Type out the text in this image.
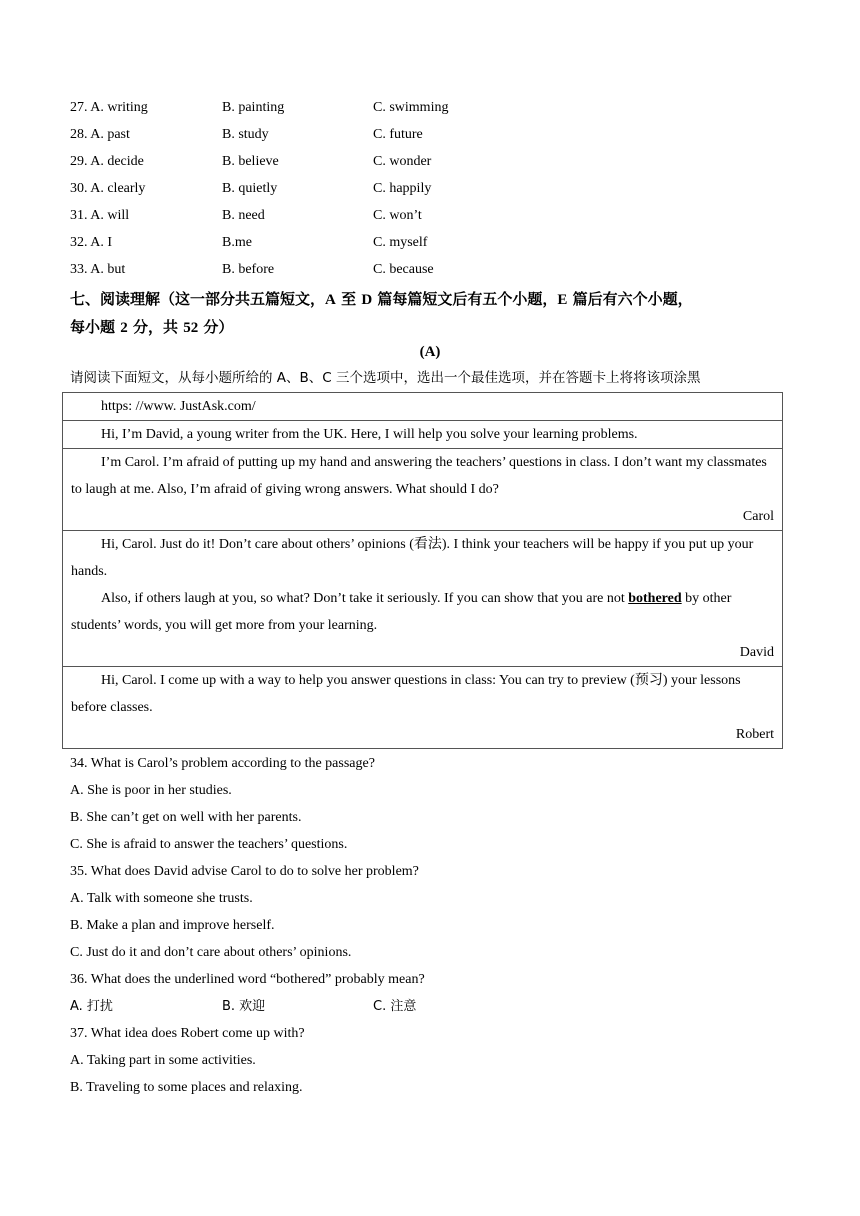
27. A. writing	B. painting	C. swimming
28. A. past	B. study	C. future
29. A. decide	B. believe	C. wonder
30. A. clearly	B. quietly	C. happily
31. A. will	B. need	C. won’t
32. A. I	B.me	C. myself
33. A. but	B. before	C. because
七、阅读理解（这一部分共五篇短文，A 至 D 篇每篇短文后有五个小题，E 篇后有六个小题，
每小题 2 分，共 52 分）
(A)
请阅读下面短文，从每小题所给的 A、B、C 三个选项中，选出一个最佳选项，并在答题卡上将将该项涂黑

https: //www. JustAsk.com/

Hi, I’m David, a young writer from the UK. Here, I will help you solve your learning problems.

I’m Carol. I’m afraid of putting up my hand and answering the teachers’ questions in class. I don’t want my classmates to laugh at me. Also, I’m afraid of giving wrong answers. What should I do?

Carol

Hi, Carol. Just do it! Don’t care about others’ opinions (看法). I think your teachers will be happy if you put up your hands.

Also, if others laugh at you, so what? Don’t take it seriously. If you can show that you are not bothered by other students’ words, you will get more from your learning.

David

Hi, Carol. I come up with a way to help you answer questions in class: You can try to preview (预习) your lessons before classes.

Robert

34. What is Carol’s problem according to the passage?
A. She is poor in her studies.
B. She can’t get on well with her parents.
C. She is afraid to answer the teachers’ questions.
35. What does David advise Carol to do to solve her problem?
A. Talk with someone she trusts.
B. Make a plan and improve herself.
C. Just do it and don’t care about others’ opinions.
36. What does the underlined word “bothered” probably mean?
A. 打扰	B. 欢迎	C. 注意
37. What idea does Robert come up with?
A. Taking part in some activities.
B. Traveling to some places and relaxing.
